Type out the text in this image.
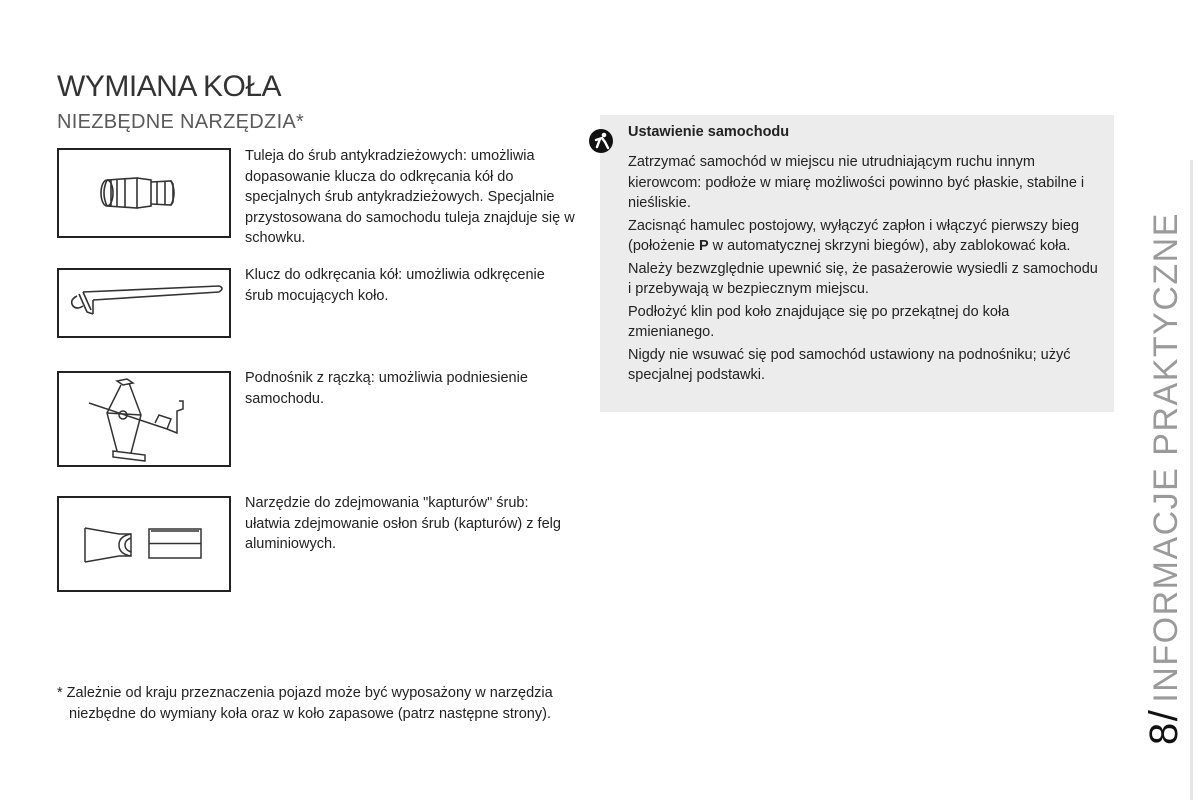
WYMIANA KOŁA
NIEZBĘDNE NARZĘDZIA*
Tuleja do śrub antykradzieżowych: umożliwia dopasowanie klucza do odkręcania kół do specjalnych śrub antykradzieżowych. Specjalnie przystosowana do samochodu tuleja znajduje się w schowku.
Klucz do odkręcania kół: umożliwia odkręcenie śrub mocujących koło.
Podnośnik z rączką: umożliwia podniesienie samochodu.
Narzędzie do zdejmowania "kapturów" śrub: ułatwia zdejmowanie osłon śrub (kapturów) z felg aluminiowych.
Ustawienie samochodu

Zatrzymać samochód w miejscu nie utrudniającym ruchu innym kierowcom: podłoże w miarę możliwości powinno być płaskie, stabilne i nieśliskie.

Zacisnąć hamulec postojowy, wyłączyć zapłon i włączyć pierwszy bieg (położenie P w automatycznej skrzyni biegów), aby zablokować koła.

Należy bezwzględnie upewnić się, że pasażerowie wysiedli z samochodu i przebywają w bezpiecznym miejscu.

Podłożyć klin pod koło znajdujące się po przekątnej do koła zmienianego.

Nigdy nie wsuwać się pod samochód ustawiony na podnośniku; użyć specjalnej podstawki.

* Zależnie od kraju przeznaczenia pojazd może być wyposażony w narzędzia niezbędne do wymiany koła oraz w koło zapasowe (patrz następne strony).	8/INFORMACJE PRAKTYCZNE
